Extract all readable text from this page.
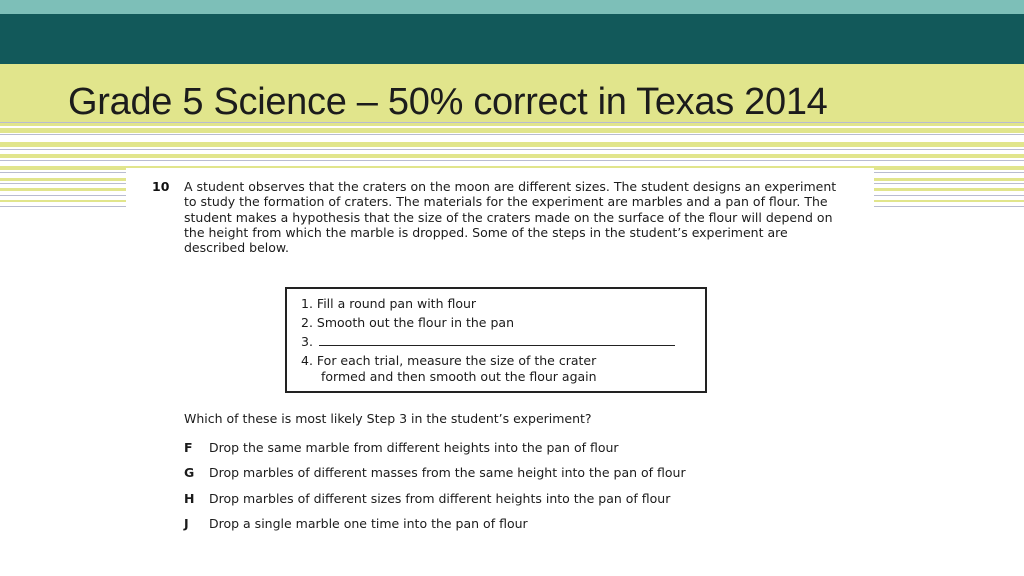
Grade 5 Science – 50% correct in Texas 2014
10 A student observes that the craters on the moon are different sizes. The student designs an experiment to study the formation of craters. The materials for the experiment are marbles and a pan of flour. The student makes a hypothesis that the size of the craters made on the surface of the flour will depend on the height from which the marble is dropped. Some of the steps in the student’s experiment are described below.

1. Fill a round pan with flour
2. Smooth out the flour in the pan
3.
4. For each trial, measure the size of the crater
formed and then smooth out the flour again

Which of these is most likely Step 3 in the student’s experiment?

F Drop the same marble from different heights into the pan of flour
G Drop marbles of different masses from the same height into the pan of flour
H Drop marbles of different sizes from different heights into the pan of flour
J Drop a single marble one time into the pan of flour
